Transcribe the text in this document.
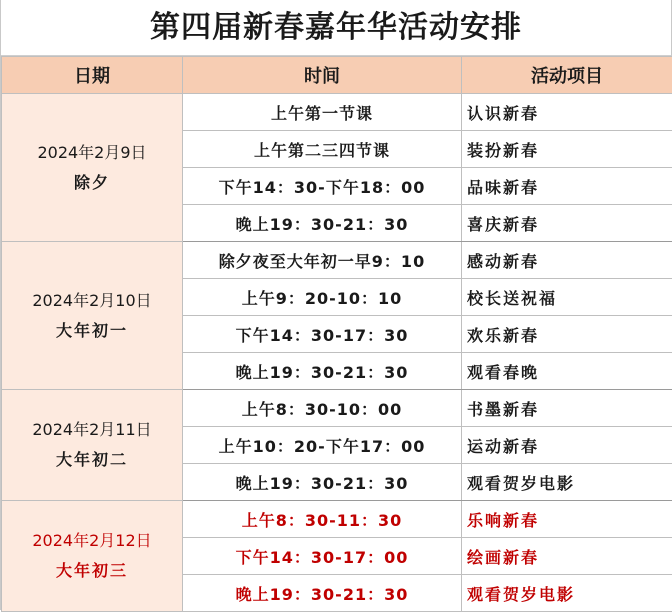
第四届新春嘉年华活动安排
日期	时间	活动项目

2024年2月9日
除夕	上午第一节课	认识新春
	上午第二三四节课	装扮新春
	下午14：30-下午18：00	品味新春
	晚上19：30-21：30	喜庆新春

2024年2月10日
大年初一	除夕夜至大年初一早9：10	感动新春
	上午9：20-10：10	校长送祝福
	下午14：30-17：30	欢乐新春
	晚上19：30-21：30	观看春晚

2024年2月11日
大年初二	上午8：30-10：00	书墨新春
	上午10：20-下午17：00	运动新春
	晚上19：30-21：30	观看贺岁电影

2024年2月12日
大年初三	上午8：30-11：30	乐响新春
	下午14：30-17：00	绘画新春
	晚上19：30-21：30	观看贺岁电影
